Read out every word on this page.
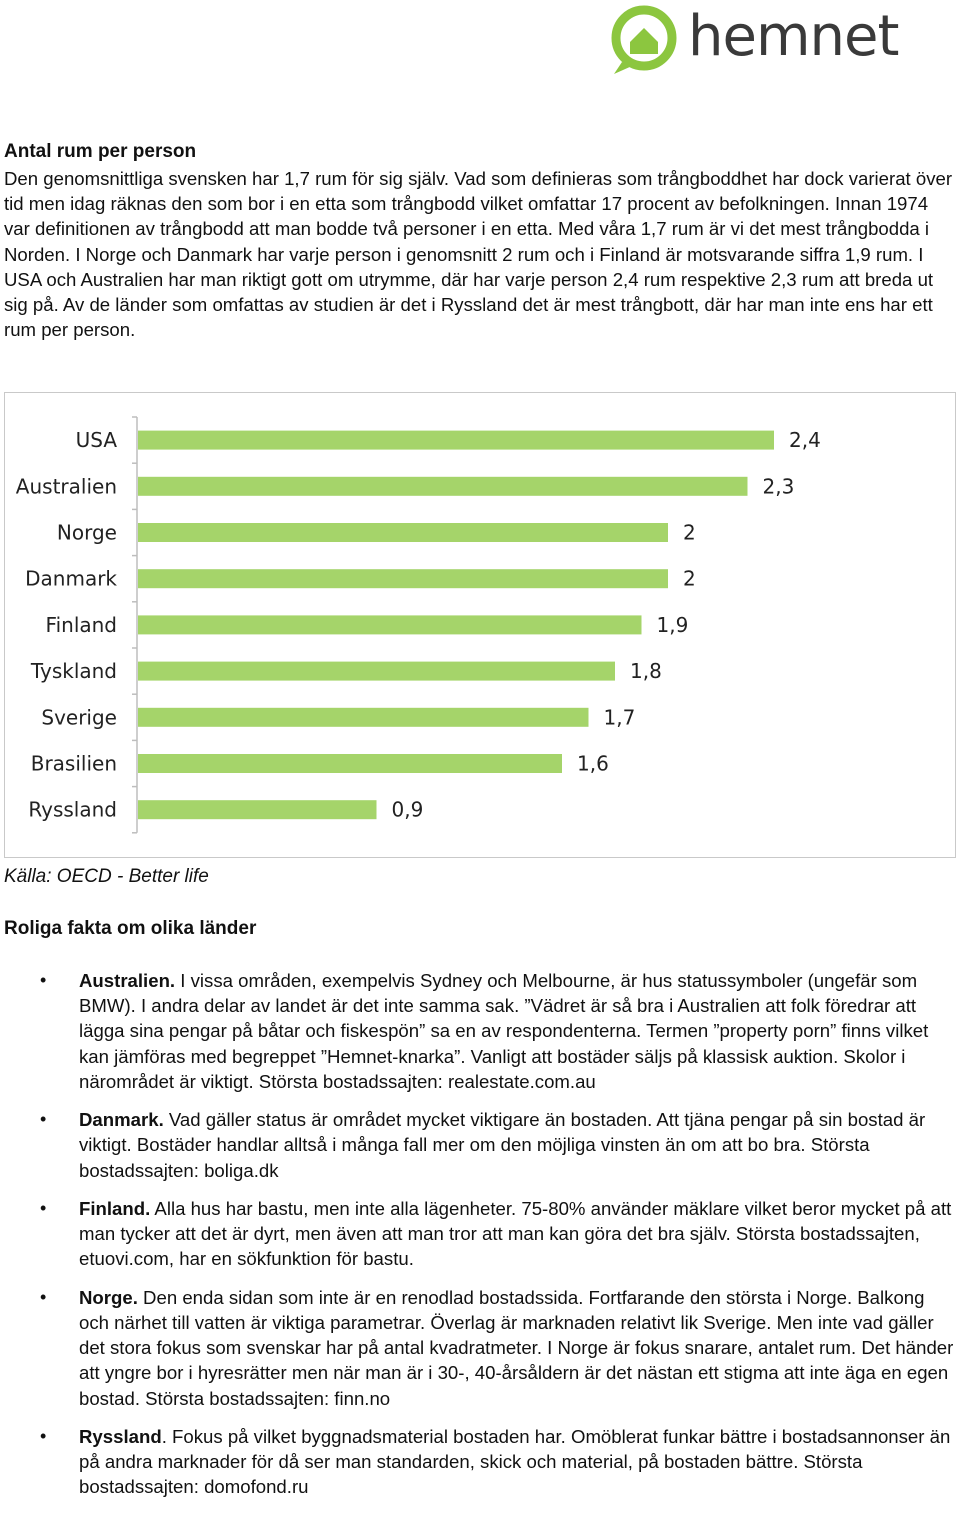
hemnet
Antal rum per person

Den genomsnittliga svensken har 1,7 rum för sig själv. Vad som definieras som trångboddhet har dock varierat över tid men idag räknas den som bor i en etta som trångbodd vilket omfattar 17 procent av befolkningen. Innan 1974 var definitionen av trångbodd att man bodde två personer i en etta. Med våra 1,7 rum är vi det mest trångbodda i Norden. I Norge och Danmark har varje person i genomsnitt 2 rum och i Finland är motsvarande siffra 1,9 rum. I USA och Australien har man riktigt gott om utrymme, där har varje person 2,4 rum respektive 2,3 rum att breda ut sig på. Av de länder som omfattas av studien är det i Ryssland det är mest trångbott, där har man inte ens har ett rum per person.

USA	2,4
Australien	2,3
Norge	2
Danmark	2
Finland	1,9
Tyskland	1,8
Sverige	1,7
Brasilien	1,6
Ryssland	0,9

Källa: OECD - Better life

Roliga fakta om olika länder
• Australien. I vissa områden, exempelvis Sydney och Melbourne, är hus statussymboler (ungefär som BMW). I andra delar av landet är det inte samma sak. ”Vädret är så bra i Australien att folk föredrar att lägga sina pengar på båtar och fiskespön” sa en av respondenterna. Termen ”property porn” finns vilket kan jämföras med begreppet ”Hemnet-knarka”. Vanligt att bostäder säljs på klassisk auktion. Skolor i närområdet är viktigt. Största bostadssajten: realestate.com.au
• Danmark. Vad gäller status är området mycket viktigare än bostaden. Att tjäna pengar på sin bostad är viktigt. Bostäder handlar alltså i många fall mer om den möjliga vinsten än om att bo bra. Största bostadssajten: boliga.dk
• Finland. Alla hus har bastu, men inte alla lägenheter. 75-80% använder mäklare vilket beror mycket på att man tycker att det är dyrt, men även att man tror att man kan göra det bra själv. Största bostadssajten, etuovi.com, har en sökfunktion för bastu.
• Norge. Den enda sidan som inte är en renodlad bostadssida. Fortfarande den största i Norge. Balkong och närhet till vatten är viktiga parametrar. Överlag är marknaden relativt lik Sverige. Men inte vad gäller det stora fokus som svenskar har på antal kvadratmeter. I Norge är fokus snarare, antalet rum. Det händer att yngre bor i hyresrätter men när man är i 30-, 40-årsåldern är det nästan ett stigma att inte äga en egen bostad. Största bostadssajten: finn.no
• Ryssland. Fokus på vilket byggnadsmaterial bostaden har. Omöblerat funkar bättre i bostadsannonser än på andra marknader för då ser man standarden, skick och material, på bostaden bättre. Största bostadssajten: domofond.ru
